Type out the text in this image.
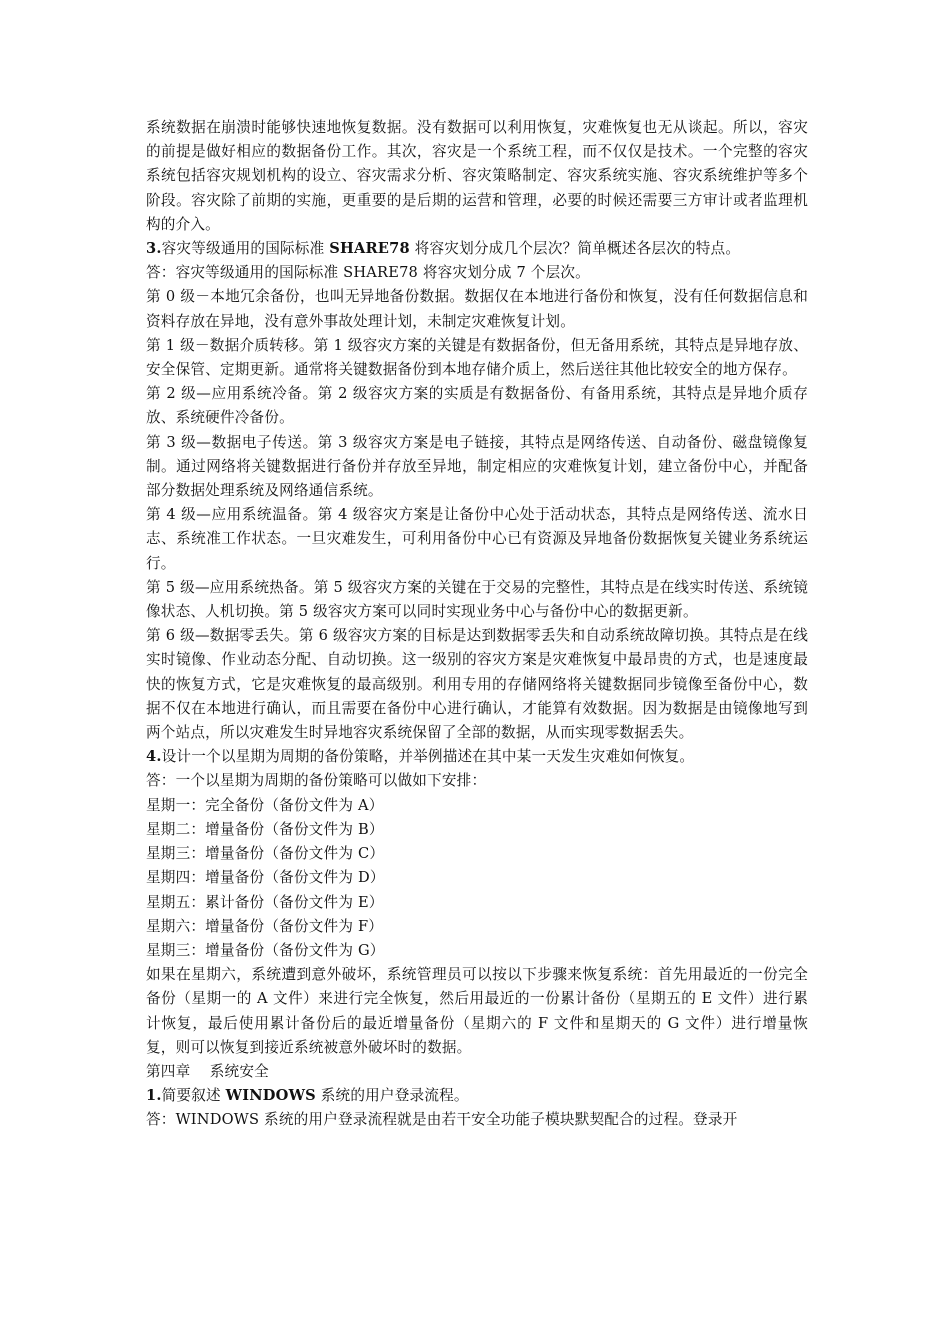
系统数据在崩溃时能够快速地恢复数据。没有数据可以利用恢复，灾难恢复也无从谈起。所以，容灾的前提是做好相应的数据备份工作。其次，容灾是一个系统工程，而不仅仅是技术。一个完整的容灾系统包括容灾规划机构的设立、容灾需求分析、容灾策略制定、容灾系统实施、容灾系统维护等多个阶段。容灾除了前期的实施，更重要的是后期的运营和管理，必要的时候还需要三方审计或者监理机构的介入。

3.容灾等级通用的国际标准 SHARE78 将容灾划分成几个层次？简单概述各层次的特点。

答：容灾等级通用的国际标准 SHARE78 将容灾划分成 7 个层次。

第 0 级－本地冗余备份，也叫无异地备份数据。数据仅在本地进行备份和恢复，没有任何数据信息和资料存放在异地，没有意外事故处理计划，未制定灾难恢复计划。

第 1 级－数据介质转移。第 1 级容灾方案的关键是有数据备份，但无备用系统，其特点是异地存放、安全保管、定期更新。通常将关键数据备份到本地存储介质上，然后送往其他比较安全的地方保存。

第 2 级—应用系统冷备。第 2 级容灾方案的实质是有数据备份、有备用系统，其特点是异地介质存放、系统硬件冷备份。

第 3 级—数据电子传送。第 3 级容灾方案是电子链接，其特点是网络传送、自动备份、磁盘镜像复制。通过网络将关键数据进行备份并存放至异地，制定相应的灾难恢复计划，建立备份中心，并配备部分数据处理系统及网络通信系统。

第 4 级—应用系统温备。第 4 级容灾方案是让备份中心处于活动状态，其特点是网络传送、流水日志、系统准工作状态。一旦灾难发生，可利用备份中心已有资源及异地备份数据恢复关键业务系统运行。

第 5 级—应用系统热备。第 5 级容灾方案的关键在于交易的完整性，其特点是在线实时传送、系统镜像状态、人机切换。第 5 级容灾方案可以同时实现业务中心与备份中心的数据更新。

第 6 级—数据零丢失。第 6 级容灾方案的目标是达到数据零丢失和自动系统故障切换。其特点是在线实时镜像、作业动态分配、自动切换。这一级别的容灾方案是灾难恢复中最昂贵的方式，也是速度最快的恢复方式，它是灾难恢复的最高级别。利用专用的存储网络将关键数据同步镜像至备份中心，数据不仅在本地进行确认，而且需要在备份中心进行确认，才能算有效数据。因为数据是由镜像地写到两个站点，所以灾难发生时异地容灾系统保留了全部的数据，从而实现零数据丢失。

4.设计一个以星期为周期的备份策略，并举例描述在其中某一天发生灾难如何恢复。

答：一个以星期为周期的备份策略可以做如下安排：

星期一：完全备份（备份文件为 A）

星期二：增量备份（备份文件为 B）

星期三：增量备份（备份文件为 C）

星期四：增量备份（备份文件为 D）

星期五：累计备份（备份文件为 E）

星期六：增量备份（备份文件为 F）

星期三：增量备份（备份文件为 G）

如果在星期六，系统遭到意外破坏，系统管理员可以按以下步骤来恢复系统：首先用最近的一份完全备份（星期一的 A 文件）来进行完全恢复，然后用最近的一份累计备份（星期五的 E 文件）进行累计恢复，最后使用累计备份后的最近增量备份（星期六的 F 文件和星期天的 G 文件）进行增量恢复，则可以恢复到接近系统被意外破坏时的数据。

第四章    系统安全

1.简要叙述 WINDOWS 系统的用户登录流程。

答：WINDOWS 系统的用户登录流程就是由若干安全功能子模块默契配合的过程。登录开
